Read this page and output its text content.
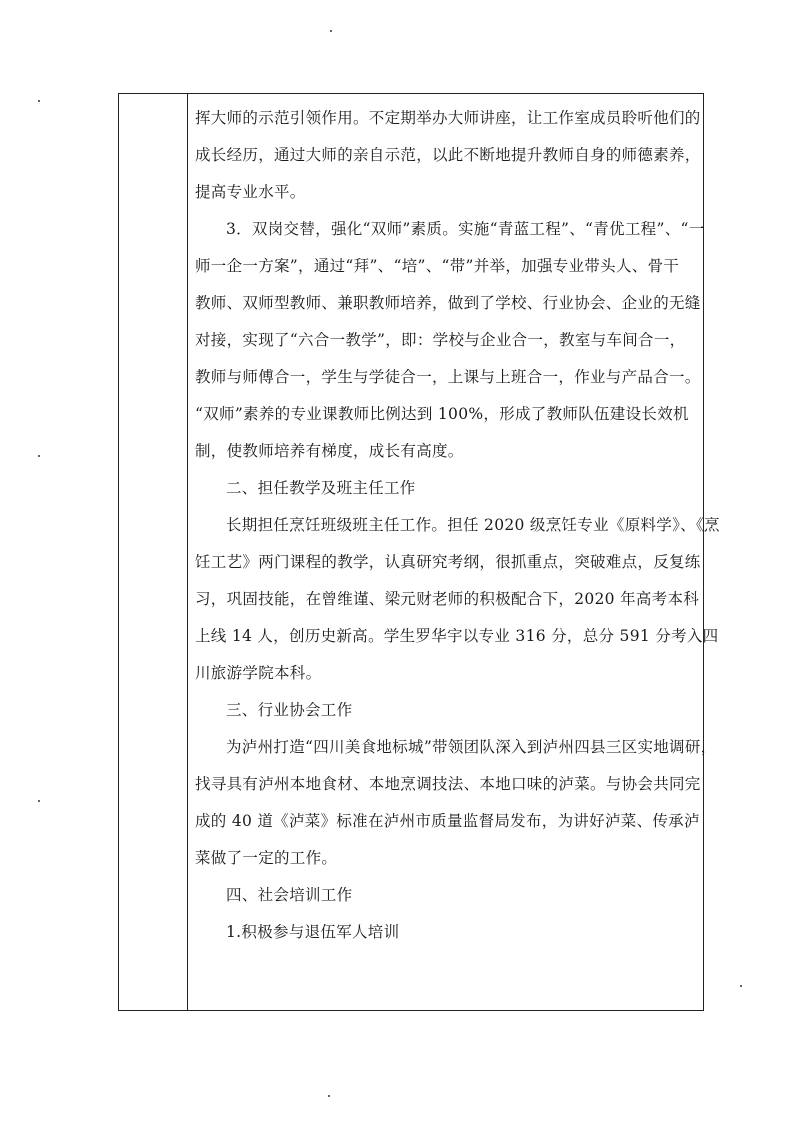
挥大师的示范引领作用。不定期举办大师讲座，让工作室成员聆听他们的
成长经历，通过大师的亲自示范，以此不断地提升教师自身的师德素养，
提高专业水平。
3．双岗交替，强化“双师”素质。实施“青蓝工程”、“青优工程”、“一
师一企一方案”，通过“拜”、“培”、“带”并举，加强专业带头人、骨干
教师、双师型教师、兼职教师培养，做到了学校、行业协会、企业的无缝
对接，实现了“六合一教学”，即：学校与企业合一，教室与车间合一，
教师与师傅合一，学生与学徒合一，上课与上班合一，作业与产品合一。
“双师”素养的专业课教师比例达到 100%，形成了教师队伍建设长效机
制，使教师培养有梯度，成长有高度。
二、担任教学及班主任工作
长期担任烹饪班级班主任工作。担任 2020 级烹饪专业《原料学》、《烹
饪工艺》两门课程的教学，认真研究考纲，很抓重点，突破难点，反复练
习，巩固技能，在曾维谨、梁元财老师的积极配合下，2020 年高考本科
上线 14 人，创历史新高。学生罗华宇以专业 316 分，总分 591 分考入四
川旅游学院本科。
三、行业协会工作
为泸州打造“四川美食地标城”带领团队深入到泸州四县三区实地调研，
找寻具有泸州本地食材、本地烹调技法、本地口味的泸菜。与协会共同完
成的 40 道《泸菜》标准在泸州市质量监督局发布，为讲好泸菜、传承泸
菜做了一定的工作。
四、社会培训工作
1.积极参与退伍军人培训
